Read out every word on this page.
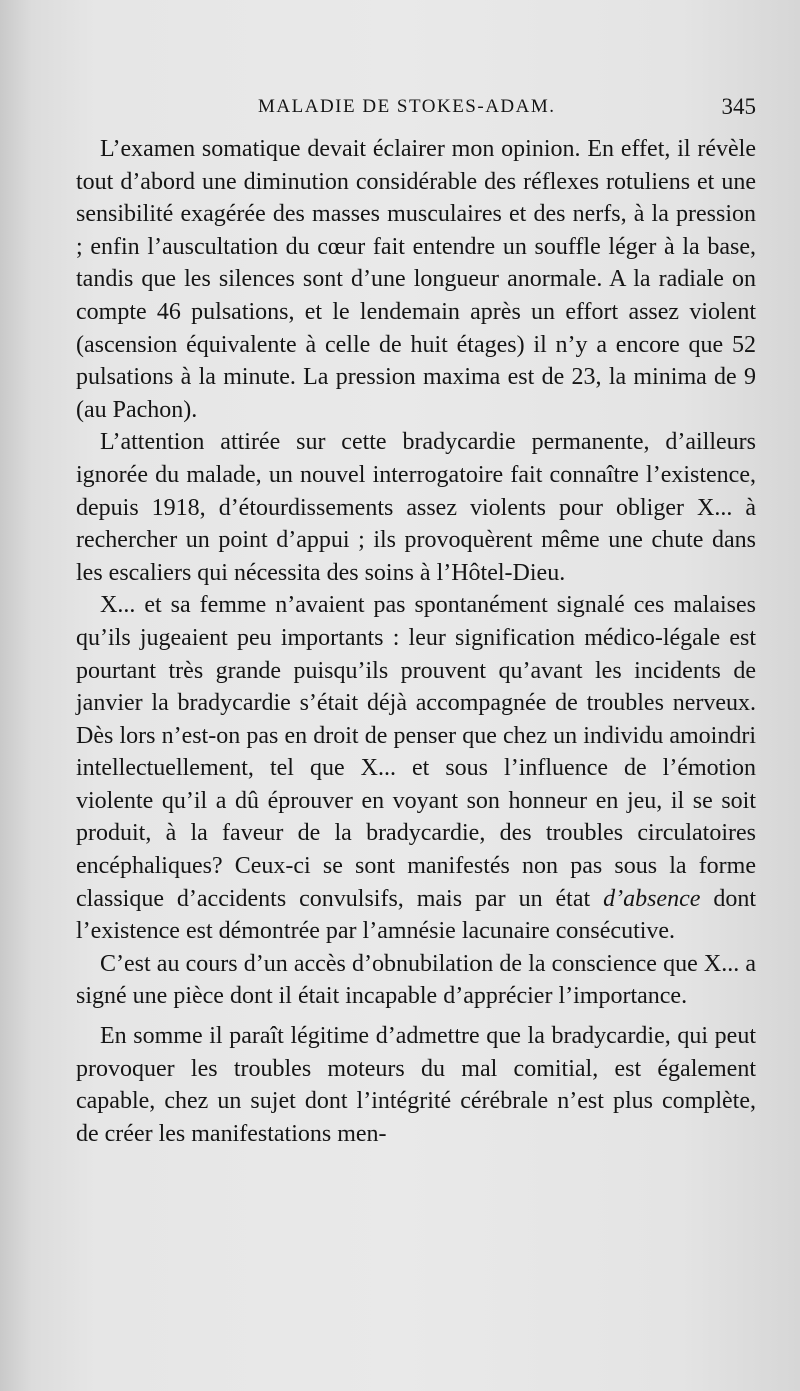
MALADIE DE STOKES-ADAM.	345

L’examen somatique devait éclairer mon opinion. En effet, il révèle tout d’abord une diminution considérable des réflexes rotuliens et une sensibilité exagérée des masses musculaires et des nerfs, à la pression ; enfin l’auscultation du cœur fait entendre un souffle léger à la base, tandis que les silences sont d’une longueur anormale. A la radiale on compte 46 pulsations, et le lendemain après un effort assez violent (ascension équivalente à celle de huit étages) il n’y a encore que 52 pulsations à la minute. La pression maxima est de 23, la minima de 9 (au Pachon).

L’attention attirée sur cette bradycardie permanente, d’ailleurs ignorée du malade, un nouvel interrogatoire fait connaître l’existence, depuis 1918, d’étourdissements assez violents pour obliger X... à rechercher un point d’appui ; ils provoquèrent même une chute dans les escaliers qui nécessita des soins à l’Hôtel-Dieu.

X... et sa femme n’avaient pas spontanément signalé ces malaises qu’ils jugeaient peu importants : leur signification médico-légale est pourtant très grande puisqu’ils prouvent qu’avant les incidents de janvier la bradycardie s’était déjà accompagnée de troubles nerveux. Dès lors n’est-on pas en droit de penser que chez un individu amoindri intellectuellement, tel que X... et sous l’influence de l’émotion violente qu’il a dû éprouver en voyant son honneur en jeu, il se soit produit, à la faveur de la bradycardie, des troubles circulatoires encéphaliques? Ceux-ci se sont manifestés non pas sous la forme classique d’accidents convulsifs, mais par un état d’absence dont l’existence est démontrée par l’amnésie lacunaire consécutive.

C’est au cours d’un accès d’obnubilation de la conscience que X... a signé une pièce dont il était incapable d’apprécier l’importance.

En somme il paraît légitime d’admettre que la bradycardie, qui peut provoquer les troubles moteurs du mal comitial, est également capable, chez un sujet dont l’intégrité cérébrale n’est plus complète, de créer les manifestations men-
